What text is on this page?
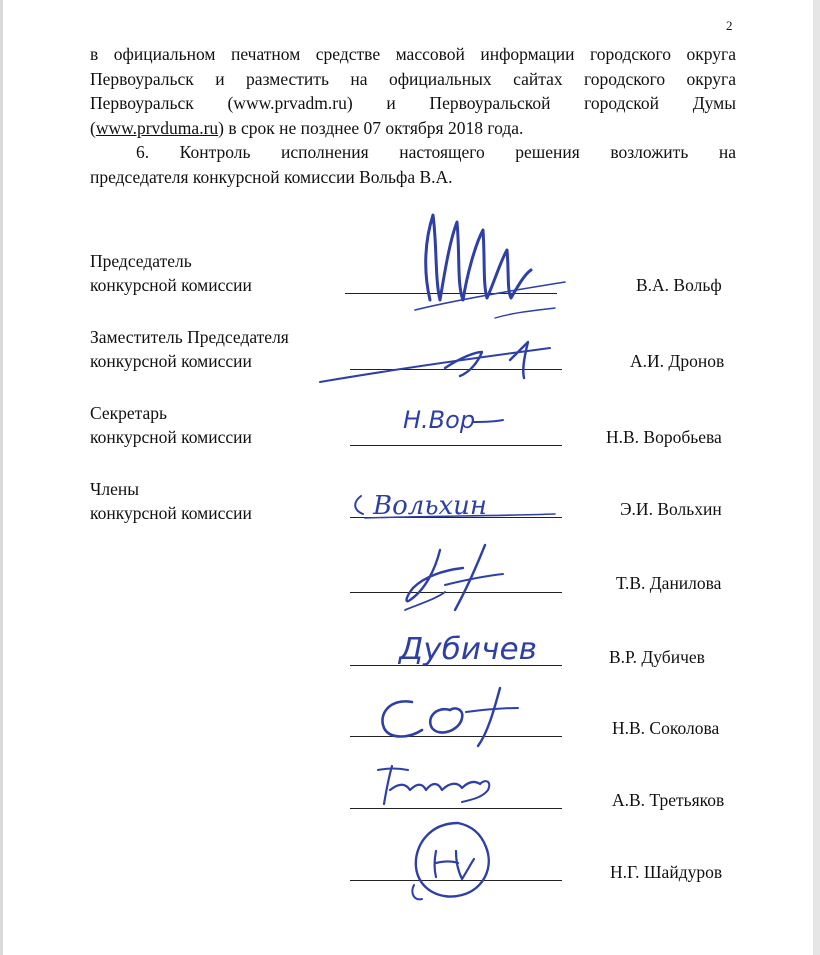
2

в официальном печатном средстве массовой информации городского округа

Первоуральск и разместить на официальных сайтах городского округа

Первоуральск (www.prvadm.ru) и Первоуральской городской Думы

(www.prvduma.ru) в срок не позднее 07 октября 2018 года.

6. Контроль исполнения настоящего решения возложить на

председателя конкурсной комиссии Вольфа В.А.

Председатель
конкурсной комиссии	В.А. Вольф
Заместитель Председателя
конкурсной комиссии	А.И. Дронов
Секретарь
конкурсной комиссии	Н.В. Воробьева
Н.Вор
Члены
конкурсной комиссии	Э.И. Вольхин
Вольхин
Т.В. Данилова
В.Р. Дубичев
Дубичев
Н.В. Соколова
А.В. Третьяков
Н.Г. Шайдуров
